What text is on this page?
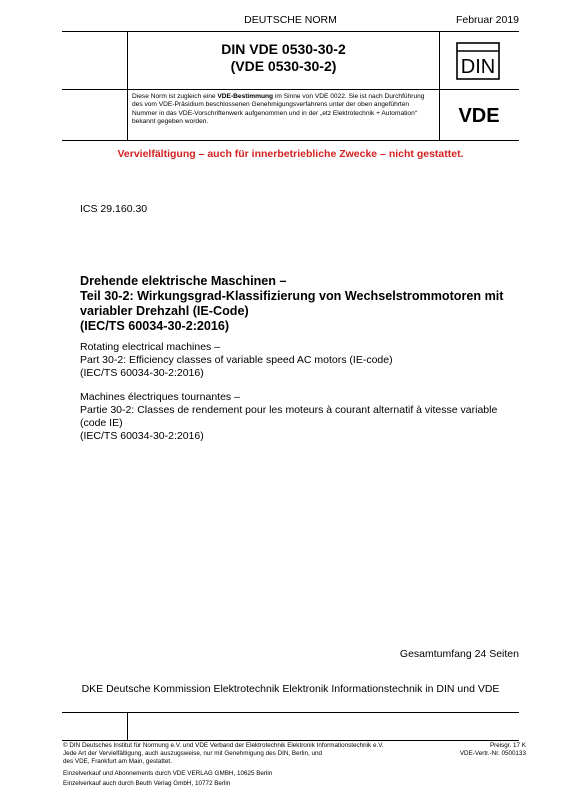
DEUTSCHE NORM	Februar 2019
DIN VDE 0530-30-2
(VDE 0530-30-2)	DIN
Diese Norm ist zugleich eine VDE-Bestimmung im Sinne von VDE 0022. Sie ist nach Durchführung des vom VDE-Präsidium beschlossenen Genehmigungsverfahrens unter der oben angeführten Nummer in das VDE-Vorschriftenwerk aufgenommen und in der „etz Elektrotechnik + Automation“ bekannt gegeben worden.	VDE
Vervielfältigung – auch für innerbetriebliche Zwecke – nicht gestattet.
ICS 29.160.30
Drehende elektrische Maschinen –
Teil 30-2: Wirkungsgrad-Klassifizierung von Wechselstrommotoren mit
variabler Drehzahl (IE-Code)
(IEC/TS 60034-30-2:2016)
Rotating electrical machines –
Part 30-2: Efficiency classes of variable speed AC motors (IE-code)
(IEC/TS 60034-30-2:2016)
Machines électriques tournantes –
Partie 30-2: Classes de rendement pour les moteurs à courant alternatif à vitesse variable
(code IE)
(IEC/TS 60034-30-2:2016)
Gesamtumfang 24 Seiten
DKE Deutsche Kommission Elektrotechnik Elektronik Informationstechnik in DIN und VDE
© DIN Deutsches Institut für Normung e.V. und VDE Verband der Elektrotechnik Elektronik Informationstechnik e.V.
Jede Art der Vervielfältigung, auch auszugsweise, nur mit Genehmigung des DIN, Berlin, und
des VDE, Frankfurt am Main, gestattet.
Preisgr. 17 K
VDE-Vertr.-Nr. 0500133
Einzelverkauf und Abonnements durch VDE VERLAG GMBH, 10625 Berlin
Einzelverkauf auch durch Beuth Verlag GmbH, 10772 Berlin
